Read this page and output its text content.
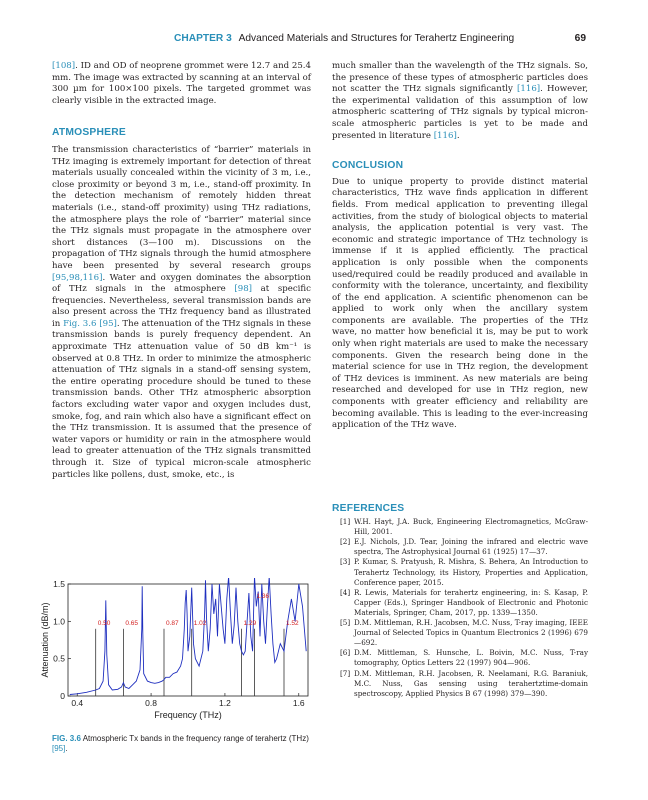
CHAPTER 3 Advanced Materials and Structures for Terahertz Engineering	69

[108]. ID and OD of neoprene grommet were 12.7 and 25.4 mm. The image was extracted by scanning at an interval of 300 µm for 100×100 pixels. The targeted grommet was clearly visible in the extracted image.

ATMOSPHERE

The transmission characteristics of “barrier” materials in THz imaging is extremely important for detection of threat materials usually concealed within the vicinity of 3 m, i.e., close proximity or beyond 3 m, i.e., stand-off proximity. In the detection mechanism of remotely hidden threat materials (i.e., stand-off proximity) using THz radiations, the atmosphere plays the role of “barrier” material since the THz signals must propagate in the atmosphere over short distances (3—100 m). Discussions on the propagation of THz signals through the humid atmosphere have been presented by several research groups [95,98,116]. Water and oxygen dominates the absorption of THz signals in the atmosphere [98] at specific frequencies. Nevertheless, several transmission bands are also present across the THz frequency band as illustrated in Fig. 3.6 [95]. The attenuation of the THz signals in these transmission bands is purely frequency dependent. An approximate THz attenuation value of 50 dB km⁻¹ is observed at 0.8 THz. In order to minimize the atmospheric attenuation of THz signals in a stand-off sensing system, the entire operating procedure should be tuned to these transmission bands. Other THz atmospheric absorption factors excluding water vapor and oxygen includes dust, smoke, fog, and rain which also have a significant effect on the THz transmission. It is assumed that the presence of water vapors or humidity or rain in the atmosphere would lead to greater attenuation of the THz signals transmitted through it. Size of typical micron-scale atmospheric particles like pollens, dust, smoke, etc., is

much smaller than the wavelength of the THz signals. So, the presence of these types of atmospheric particles does not scatter the THz signals significantly [116]. However, the experimental validation of this assumption of low atmospheric scattering of THz signals by typical micron-scale atmospheric particles is yet to be made and presented in literature [116].

CONCLUSION

Due to unique property to provide distinct material characteristics, THz wave finds application in different fields. From medical application to preventing illegal activities, from the study of biological objects to material analysis, the application potential is very vast. The economic and strategic importance of THz technology is immense if it is applied efficiently. The practical application is only possible when the components used/required could be readily produced and available in conformity with the tolerance, uncertainty, and flexibility of the end application. A scientific phenomenon can be applied to work only when the ancillary system components are available. The properties of the THz wave, no matter how beneficial it is, may be put to work only when right materials are used to make the necessary components. Given the research being done in the material science for use in THz region, the development of THz devices is imminent. As new materials are being researched and developed for use in THz region, new components with greater efficiency and reliability are becoming available. This is leading to the ever-increasing application of the THz wave.

REFERENCES

[1] W.H. Hayt, J.A. Buck, Engineering Electromagnetics, McGraw-Hill, 2001.
[2] E.J. Nichols, J.D. Tear, Joining the infrared and electric wave spectra, The Astrophysical Journal 61 (1925) 17—37.
[3] P. Kumar, S. Pratyush, R. Mishra, S. Behera, An Introduction to Terahertz Technology, its History, Properties and Application, Conference paper, 2015.
[4] R. Lewis, Materials for terahertz engineering, in: S. Kasap, P. Capper (Eds.), Springer Handbook of Electronic and Photonic Materials, Springer, Cham, 2017, pp. 1339—1350.
[5] D.M. Mittleman, R.H. Jacobsen, M.C. Nuss, T-ray imaging, IEEE Journal of Selected Topics in Quantum Electronics 2 (1996) 679—692.
[6] D.M. Mittleman, S. Hunsche, L. Boivin, M.C. Nuss, T-ray tomography, Optics Letters 22 (1997) 904—906.
[7] D.M. Mittleman, R.H. Jacobsen, R. Neelamani, R.G. Baraniuk, M.C. Nuss, Gas sensing using terahertztime-domain spectroscopy, Applied Physics B 67 (1998) 379—390.
0
0.5
1.0
1.5
0.4	0.8	1.2	1.6
0.50 0.65	0.87 1.02	1.29	1.52
1.36
Frequency (THz)
Attenuation (dB/m)
FIG. 3.6 Atmospheric Tx bands in the frequency range of terahertz (THz) [95].
